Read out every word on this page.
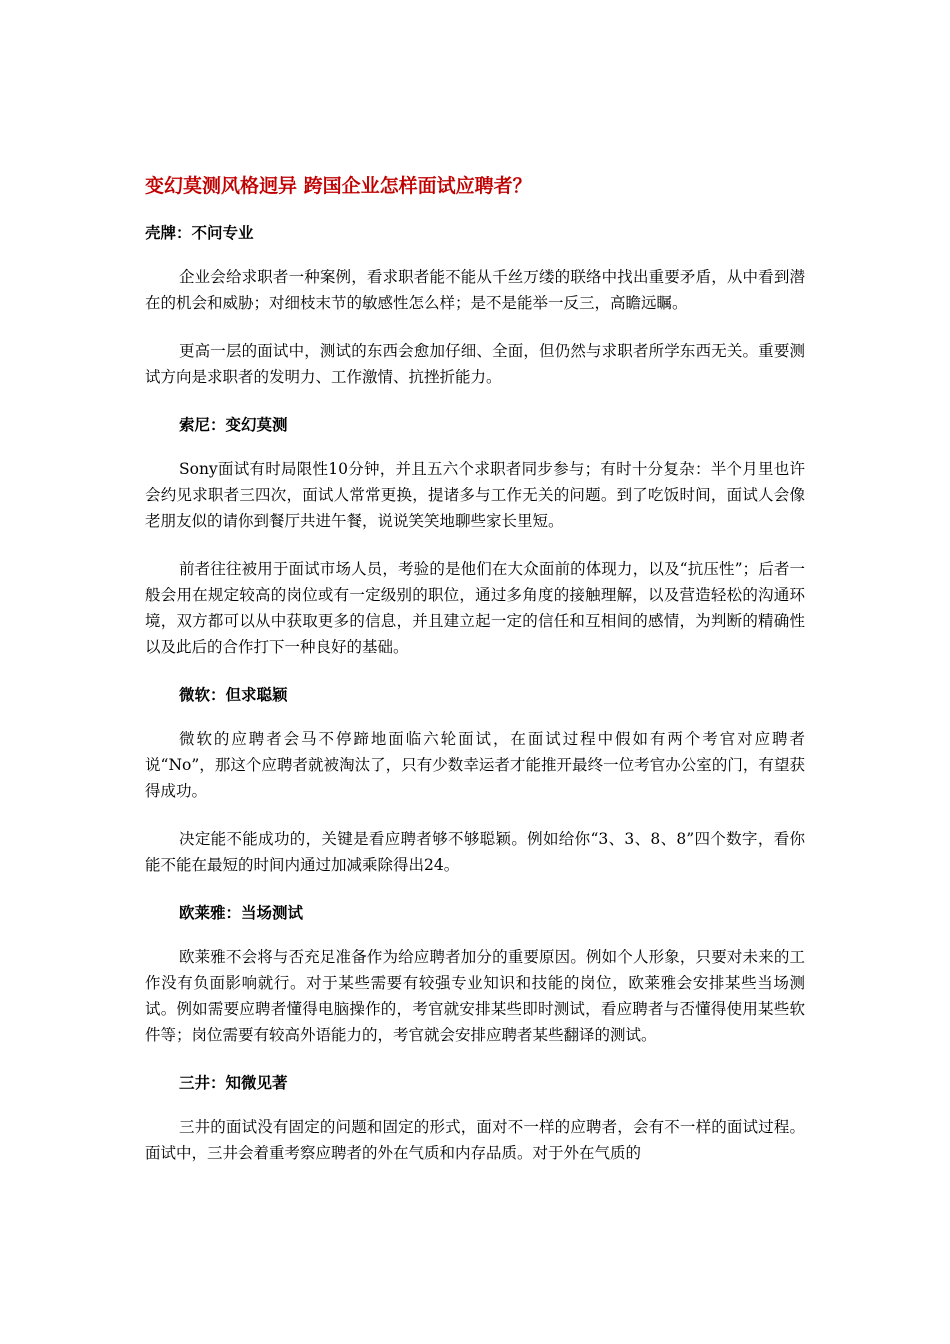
变幻莫测风格迥异 跨国企业怎样面试应聘者？
壳牌：不问专业

企业会给求职者一种案例，看求职者能不能从千丝万缕的联络中找出重要矛盾，从中看到潜在的机会和威胁；对细枝末节的敏感性怎么样；是不是能举一反三，高瞻远瞩。

更高一层的面试中，测试的东西会愈加仔细、全面，但仍然与求职者所学东西无关。重要测试方向是求职者的发明力、工作激情、抗挫折能力。

索尼：变幻莫测

Sony面试有时局限性10分钟，并且五六个求职者同步参与；有时十分复杂：半个月里也许会约见求职者三四次，面试人常常更换，提诸多与工作无关的问题。到了吃饭时间，面试人会像老朋友似的请你到餐厅共进午餐，说说笑笑地聊些家长里短。

前者往往被用于面试市场人员，考验的是他们在大众面前的体现力，以及“抗压性”；后者一般会用在规定较高的岗位或有一定级别的职位，通过多角度的接触理解，以及营造轻松的沟通环境，双方都可以从中获取更多的信息，并且建立起一定的信任和互相间的感情，为判断的精确性以及此后的合作打下一种良好的基础。

微软：但求聪颖

微软的应聘者会马不停蹄地面临六轮面试，在面试过程中假如有两个考官对应聘者说“No”，那这个应聘者就被淘汰了，只有少数幸运者才能推开最终一位考官办公室的门，有望获得成功。

决定能不能成功的，关键是看应聘者够不够聪颖。例如给你“3、3、8、8”四个数字，看你能不能在最短的时间内通过加减乘除得出24。

欧莱雅：当场测试

欧莱雅不会将与否充足准备作为给应聘者加分的重要原因。例如个人形象，只要对未来的工作没有负面影响就行。对于某些需要有较强专业知识和技能的岗位，欧莱雅会安排某些当场测试。例如需要应聘者懂得电脑操作的，考官就安排某些即时测试，看应聘者与否懂得使用某些软件等；岗位需要有较高外语能力的，考官就会安排应聘者某些翻译的测试。

三井：知微见著

三井的面试没有固定的问题和固定的形式，面对不一样的应聘者，会有不一样的面试过程。面试中，三井会着重考察应聘者的外在气质和内存品质。对于外在气质的
